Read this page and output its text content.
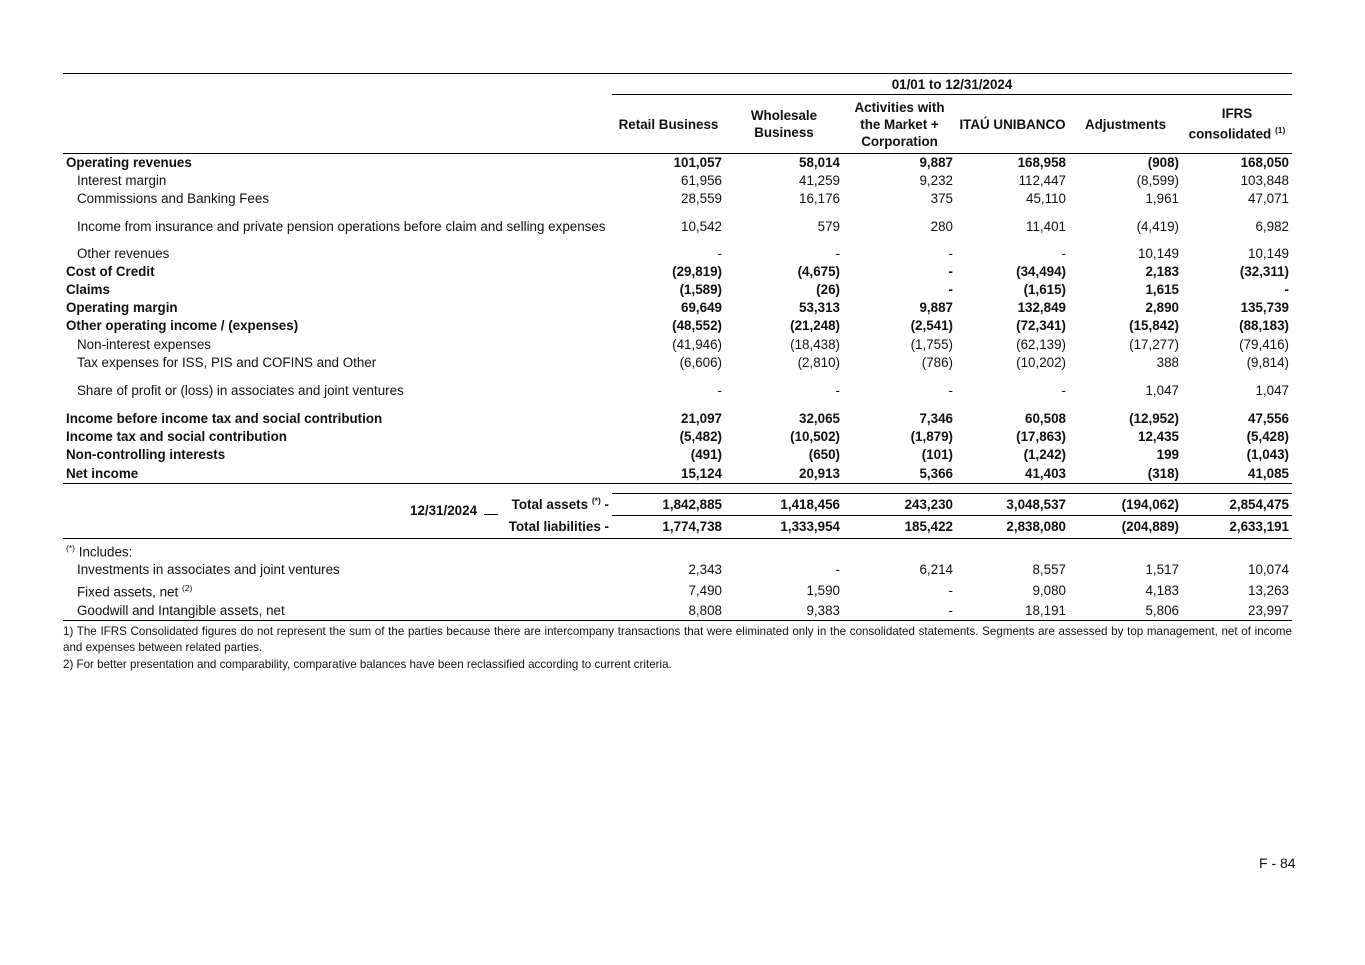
	01/01 to 12/31/2024					
	Retail Business	Wholesale Business	Activities with the Market + Corporation	ITAÚ UNIBANCO	Adjustments	IFRS consolidated $^{(1)}$
Operating revenues	101,057	58,014	9,887	168,958	(908)	168,050
Interest margin	61,956	41,259	9,232	112,447	(8,599)	103,848
Commissions and Banking Fees	28,559	16,176	375	45,110	1,961	47,071
Income from insurance and private pension operations before claim and selling expenses	10,542	579	280	11,401	(4,419)	6,982
Other revenues	-	-	-	-	10,149	10,149
Cost of Credit	(29,819)	(4,675)	-	(34,494)	2,183	(32,311)
Claims	(1,589)	(26)	-	(1,615)	1,615	-
Operating margin	69,649	53,313	9,887	132,849	2,890	135,739
Other operating income / (expenses)	(48,552)	(21,248)	(2,541)	(72,341)	(15,842)	(88,183)
Non-interest expenses	(41,946)	(18,438)	(1,755)	(62,139)	(17,277)	(79,416)
Tax expenses for ISS, PIS and COFINS and Other	(6,606)	(2,810)	(786)	(10,202)	388	(9,814)
Share of profit or (loss) in associates and joint ventures	-	-	-	-	1,047	1,047
Income before income tax and social contribution	21,097	32,065	7,346	60,508	(12,952)	47,556
Income tax and social contribution	(5,482)	(10,502)	(1,879)	(17,863)	12,435	(5,428)
Non-controlling interests	(491)	(650)	(101)	(1,242)	199	(1,043)
Net income	15,124	20,913	5,366	41,403	(318)	41,085

12/31/2024 Total assets (*) -	1,842,885	1,418,456	243,230	3,048,537	(194,062)	2,854,475
Total liabilities -	1,774,738	1,333,954	185,422	2,838,080	(204,889)	2,633,191
(*) Includes:						
Investments in associates and joint ventures	2,343	-	6,214	8,557	1,517	10,074
Fixed assets, net $^{(2)}$	7,490	1,590	-	9,080	4,183	13,263
Goodwill and Intangible assets, net	8,808	9,383	-	18,191	5,806	23,997

1) The IFRS Consolidated figures do not represent the sum of the parties because there are intercompany transactions that were eliminated only in the consolidated statements. Segments are assessed by top management, net of income and expenses between related parties.

2) For better presentation and comparability, comparative balances have been reclassified according to current criteria.

F - 84
